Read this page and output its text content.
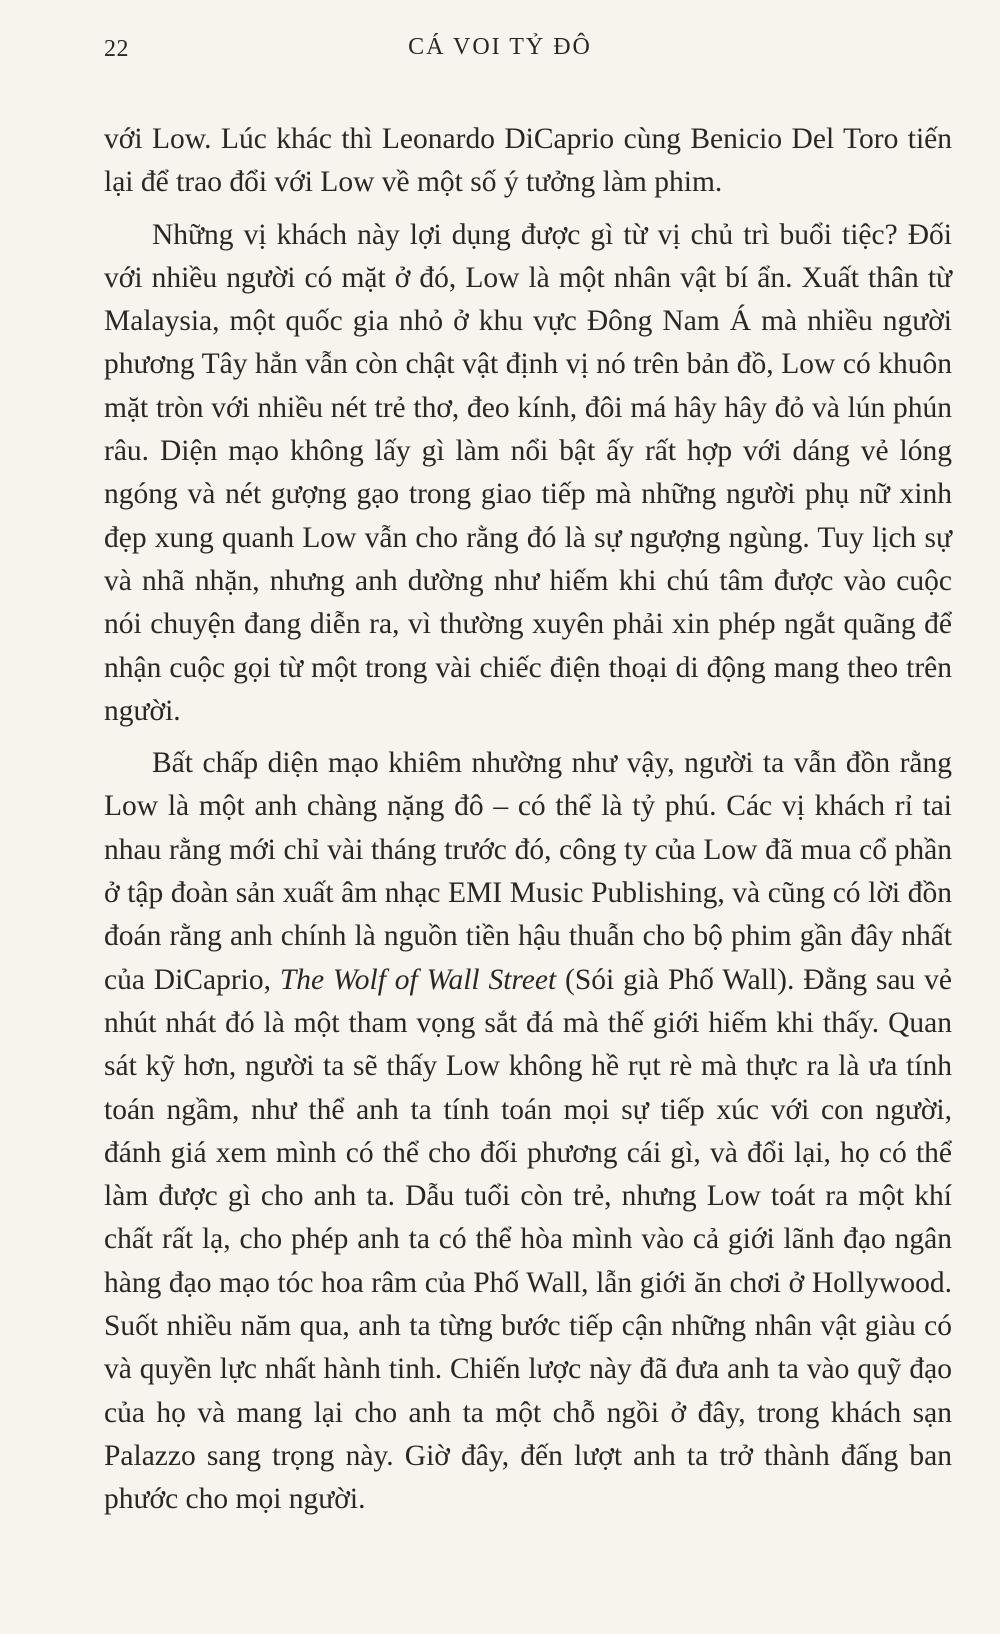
22	CÁ VOI TỶ ĐÔ

với Low. Lúc khác thì Leonardo DiCaprio cùng Benicio Del Toro tiến lại để trao đổi với Low về một số ý tưởng làm phim.

Những vị khách này lợi dụng được gì từ vị chủ trì buổi tiệc? Đối với nhiều người có mặt ở đó, Low là một nhân vật bí ẩn. Xuất thân từ Malaysia, một quốc gia nhỏ ở khu vực Đông Nam Á mà nhiều người phương Tây hẳn vẫn còn chật vật định vị nó trên bản đồ, Low có khuôn mặt tròn với nhiều nét trẻ thơ, đeo kính, đôi má hây hây đỏ và lún phún râu. Diện mạo không lấy gì làm nổi bật ấy rất hợp với dáng vẻ lóng ngóng và nét gượng gạo trong giao tiếp mà những người phụ nữ xinh đẹp xung quanh Low vẫn cho rằng đó là sự ngượng ngùng. Tuy lịch sự và nhã nhặn, nhưng anh dường như hiếm khi chú tâm được vào cuộc nói chuyện đang diễn ra, vì thường xuyên phải xin phép ngắt quãng để nhận cuộc gọi từ một trong vài chiếc điện thoại di động mang theo trên người.

Bất chấp diện mạo khiêm nhường như vậy, người ta vẫn đồn rằng Low là một anh chàng nặng đô – có thể là tỷ phú. Các vị khách rỉ tai nhau rằng mới chỉ vài tháng trước đó, công ty của Low đã mua cổ phần ở tập đoàn sản xuất âm nhạc EMI Music Publishing, và cũng có lời đồn đoán rằng anh chính là nguồn tiền hậu thuẫn cho bộ phim gần đây nhất của DiCaprio, The Wolf of Wall Street (Sói già Phố Wall). Đằng sau vẻ nhút nhát đó là một tham vọng sắt đá mà thế giới hiếm khi thấy. Quan sát kỹ hơn, người ta sẽ thấy Low không hề rụt rè mà thực ra là ưa tính toán ngầm, như thể anh ta tính toán mọi sự tiếp xúc với con người, đánh giá xem mình có thể cho đối phương cái gì, và đổi lại, họ có thể làm được gì cho anh ta. Dẫu tuổi còn trẻ, nhưng Low toát ra một khí chất rất lạ, cho phép anh ta có thể hòa mình vào cả giới lãnh đạo ngân hàng đạo mạo tóc hoa râm của Phố Wall, lẫn giới ăn chơi ở Hollywood. Suốt nhiều năm qua, anh ta từng bước tiếp cận những nhân vật giàu có và quyền lực nhất hành tinh. Chiến lược này đã đưa anh ta vào quỹ đạo của họ và mang lại cho anh ta một chỗ ngồi ở đây, trong khách sạn Palazzo sang trọng này. Giờ đây, đến lượt anh ta trở thành đấng ban phước cho mọi người.
